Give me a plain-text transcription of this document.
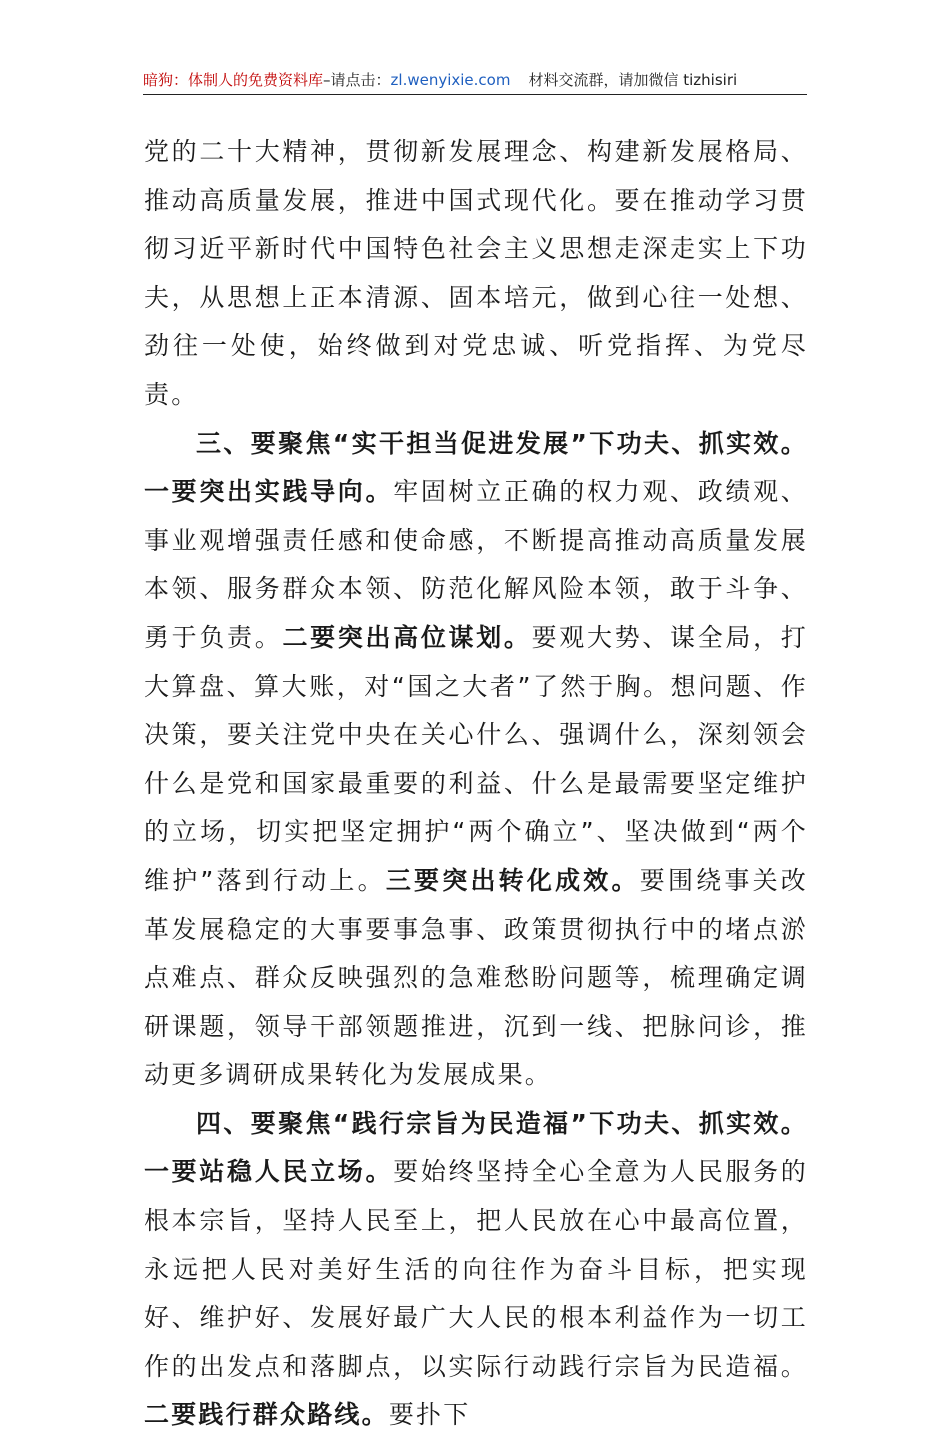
暗狗：体制人的免费资料库–请点击：zl.wenyixie.com 材料交流群，请加微信 tizhisiri

党的二十大精神，贯彻新发展理念、构建新发展格局、推动高质量发展，推进中国式现代化。要在推动学习贯彻习近平新时代中国特色社会主义思想走深走实上下功夫，从思想上正本清源、固本培元，做到心往一处想、劲往一处使，始终做到对党忠诚、听党指挥、为党尽责。

三、要聚焦“实干担当促进发展”下功夫、抓实效。一要突出实践导向。牢固树立正确的权力观、政绩观、事业观增强责任感和使命感，不断提高推动高质量发展本领、服务群众本领、防范化解风险本领，敢于斗争、勇于负责。二要突出高位谋划。要观大势、谋全局，打大算盘、算大账，对“国之大者”了然于胸。想问题、作决策，要关注党中央在关心什么、强调什么，深刻领会什么是党和国家最重要的利益、什么是最需要坚定维护的立场，切实把坚定拥护“两个确立”、坚决做到“两个维护”落到行动上。三要突出转化成效。要围绕事关改革发展稳定的大事要事急事、政策贯彻执行中的堵点淤点难点、群众反映强烈的急难愁盼问题等，梳理确定调研课题，领导干部领题推进，沉到一线、把脉问诊，推动更多调研成果转化为发展成果。

四、要聚焦“践行宗旨为民造福”下功夫、抓实效。一要站稳人民立场。要始终坚持全心全意为人民服务的根本宗旨，坚持人民至上，把人民放在心中最高位置，永远把人民对美好生活的向往作为奋斗目标，把实现好、维护好、发展好最广大人民的根本利益作为一切工作的出发点和落脚点，以实际行动践行宗旨为民造福。二要践行群众路线。要扑下
